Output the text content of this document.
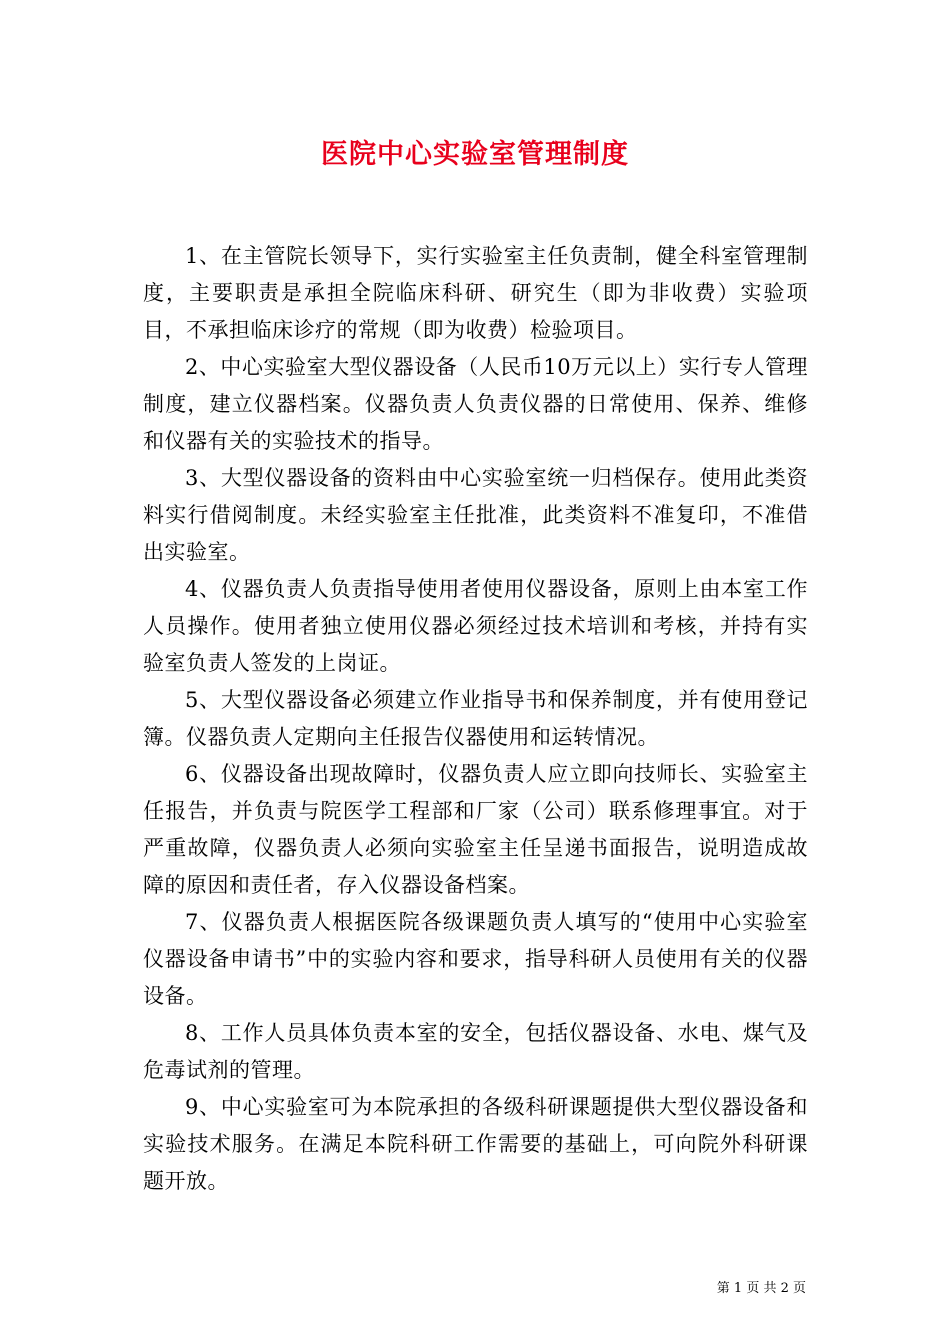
医院中心实验室管理制度

1、在主管院长领导下，实行实验室主任负责制，健全科室管理制度，主要职责是承担全院临床科研、研究生（即为非收费）实验项目，不承担临床诊疗的常规（即为收费）检验项目。

2、中心实验室大型仪器设备（人民币10万元以上）实行专人管理制度，建立仪器档案。仪器负责人负责仪器的日常使用、保养、维修和仪器有关的实验技术的指导。

3、大型仪器设备的资料由中心实验室统一归档保存。使用此类资料实行借阅制度。未经实验室主任批准，此类资料不准复印，不准借出实验室。

4、仪器负责人负责指导使用者使用仪器设备，原则上由本室工作人员操作。使用者独立使用仪器必须经过技术培训和考核，并持有实验室负责人签发的上岗证。

5、大型仪器设备必须建立作业指导书和保养制度，并有使用登记簿。仪器负责人定期向主任报告仪器使用和运转情况。

6、仪器设备出现故障时，仪器负责人应立即向技师长、实验室主任报告，并负责与院医学工程部和厂家（公司）联系修理事宜。对于严重故障，仪器负责人必须向实验室主任呈递书面报告，说明造成故障的原因和责任者，存入仪器设备档案。

7、仪器负责人根据医院各级课题负责人填写的“使用中心实验室仪器设备申请书”中的实验内容和要求，指导科研人员使用有关的仪器设备。

8、工作人员具体负责本室的安全，包括仪器设备、水电、煤气及危毒试剂的管理。

9、中心实验室可为本院承担的各级科研课题提供大型仪器设备和实验技术服务。在满足本院科研工作需要的基础上，可向院外科研课题开放。

第 1 页 共 2 页
